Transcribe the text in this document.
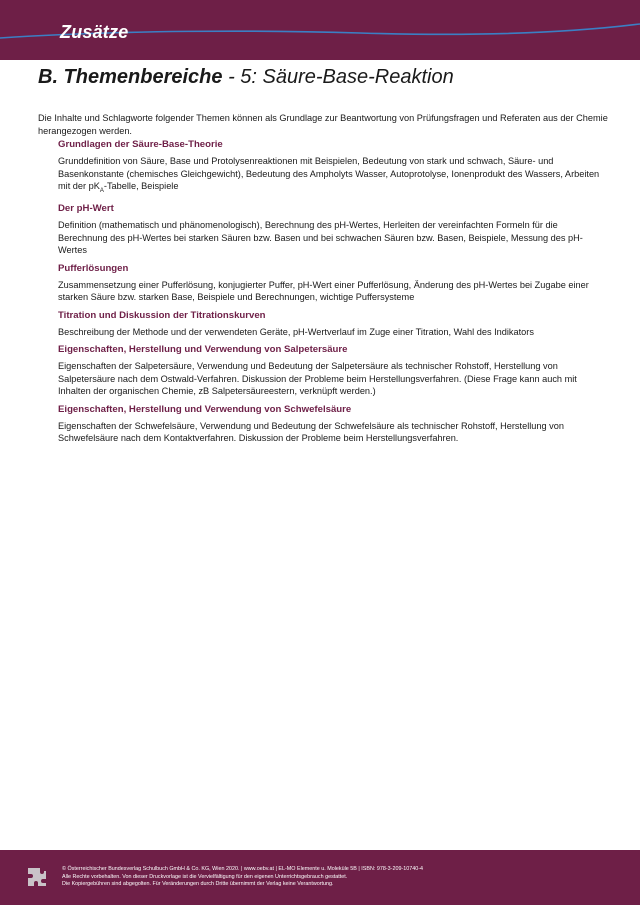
Zusätze
B. Themenbereiche - 5: Säure-Base-Reaktion
Die Inhalte und Schlagworte folgender Themen können als Grundlage zur Beantwortung von Prüfungsfragen und Referaten aus der Chemie herangezogen werden.
Grundlagen der Säure-Base-Theorie
Grunddefinition von Säure, Base und Protolysenreaktionen mit Beispielen, Bedeutung von stark und schwach, Säure- und Basenkonstante (chemisches Gleichgewicht), Bedeutung des Ampholyts Wasser, Autoprotolyse, Ionenprodukt des Wassers, Arbeiten mit der $pK_A$-Tabelle, Beispiele
Der pH-Wert
Definition (mathematisch und phänomenologisch), Berechnung des pH-Wertes, Herleiten der vereinfachten Formeln für die Berechnung des pH-Wertes bei starken Säuren bzw. Basen und bei schwachen Säuren bzw. Basen, Beispiele, Messung des pH-Wertes
Pufferlösungen
Zusammensetzung einer Pufferlösung, konjugierter Puffer, pH-Wert einer Pufferlösung, Änderung des pH-Wertes bei Zugabe einer starken Säure bzw. starken Base, Beispiele und Berechnungen, wichtige Puffersysteme
Titration und Diskussion der Titrationskurven
Beschreibung der Methode und der verwendeten Geräte, pH-Wertverlauf im Zuge einer Titration, Wahl des Indikators
Eigenschaften, Herstellung und Verwendung von Salpetersäure
Eigenschaften der Salpetersäure, Verwendung und Bedeutung der Salpetersäure als technischer Rohstoff, Herstellung von Salpetersäure nach dem Ostwald-Verfahren. Diskussion der Probleme beim Herstellungsverfahren. (Diese Frage kann auch mit Inhalten der organischen Chemie, zB Salpetersäureestern, verknüpft werden.)
Eigenschaften, Herstellung und Verwendung von Schwefelsäure
Eigenschaften der Schwefelsäure, Verwendung und Bedeutung der Schwefelsäure als technischer Rohstoff, Herstellung von Schwefelsäure nach dem Kontaktverfahren. Diskussion der Probleme beim Herstellungsverfahren.
© Österreichischer Bundesverlag Schulbuch GmbH & Co. KG, Wien 2020. | www.oebv.at | EL-MO Elemente u. Moleküle 5B | ISBN: 978-3-209-10740-4
Alle Rechte vorbehalten. Von dieser Druckvorlage ist die Vervielfältigung für den eigenen Unterrichtsgebrauch gestattet.
Die Kopiergebühren sind abgegolten. Für Veränderungen durch Dritte übernimmt der Verlag keine Verantwortung.
